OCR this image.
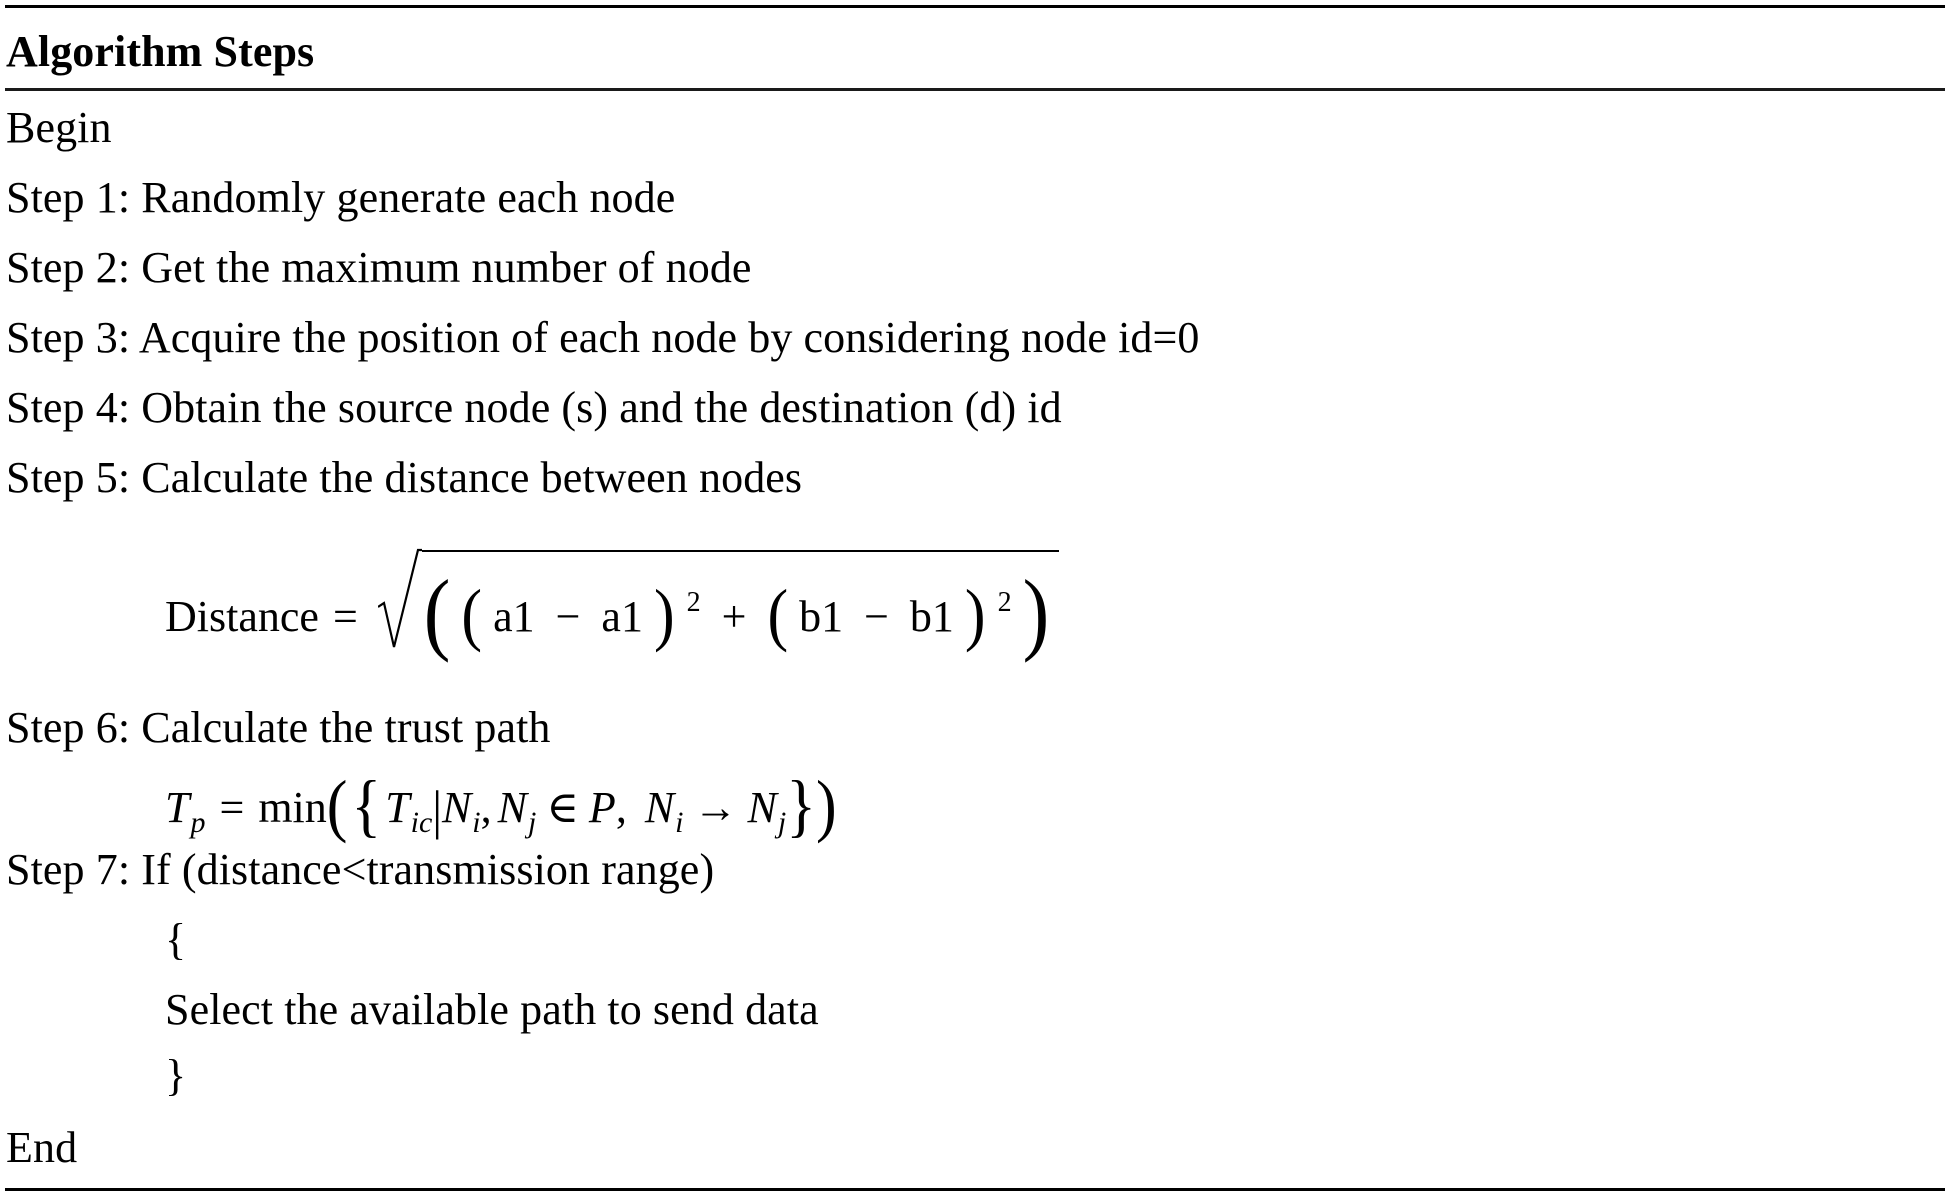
Algorithm Steps
Begin
Step 1: Randomly generate each node
Step 2: Get the maximum number of node
Step 3: Acquire the position of each node by considering node id=0
Step 4: Obtain the source node (s) and the destination (d) id
Step 5: Calculate the distance between nodes
Distance = ( ( a1 − a1 ) $^2$ + ( b1 − b1 ) $^2$ )
Step 6: Calculate the trust path
T p = min ( { T ic | N i , N j ∈ P , N i → N j } )
Step 7: If (distance<transmission range)
{
Select the available path to send data
}
End
